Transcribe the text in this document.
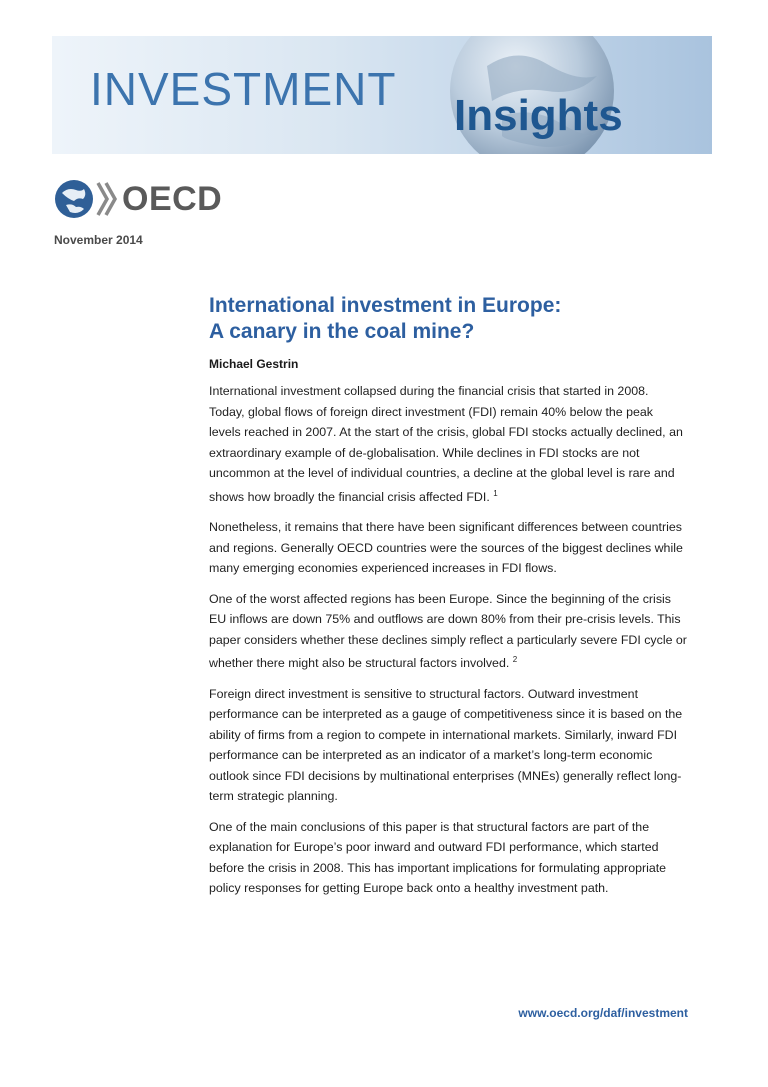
INVESTMENT
Insights
OECD
November 2014
International investment in Europe:
A canary in the coal mine?
Michael Gestrin

International investment collapsed during the financial crisis that started in 2008. Today, global flows of foreign direct investment (FDI) remain 40% below the peak levels reached in 2007. At the start of the crisis, global FDI stocks actually declined, an extraordinary example of de-globalisation. While declines in FDI stocks are not uncommon at the level of individual countries, a decline at the global level is rare and shows how broadly the financial crisis affected FDI. $^1$

Nonetheless, it remains that there have been significant differences between countries and regions. Generally OECD countries were the sources of the biggest declines while many emerging economies experienced increases in FDI flows.

One of the worst affected regions has been Europe. Since the beginning of the crisis EU inflows are down 75% and outflows are down 80% from their pre-crisis levels. This paper considers whether these declines simply reflect a particularly severe FDI cycle or whether there might also be structural factors involved. $^2$

Foreign direct investment is sensitive to structural factors. Outward investment performance can be interpreted as a gauge of competitiveness since it is based on the ability of firms from a region to compete in international markets. Similarly, inward FDI performance can be interpreted as an indicator of a market’s long-term economic outlook since FDI decisions by multinational enterprises (MNEs) generally reflect long-term strategic planning.

One of the main conclusions of this paper is that structural factors are part of the explanation for Europe’s poor inward and outward FDI performance, which started before the crisis in 2008. This has important implications for formulating appropriate policy responses for getting Europe back onto a healthy investment path.

www.oecd.org/daf/investment
